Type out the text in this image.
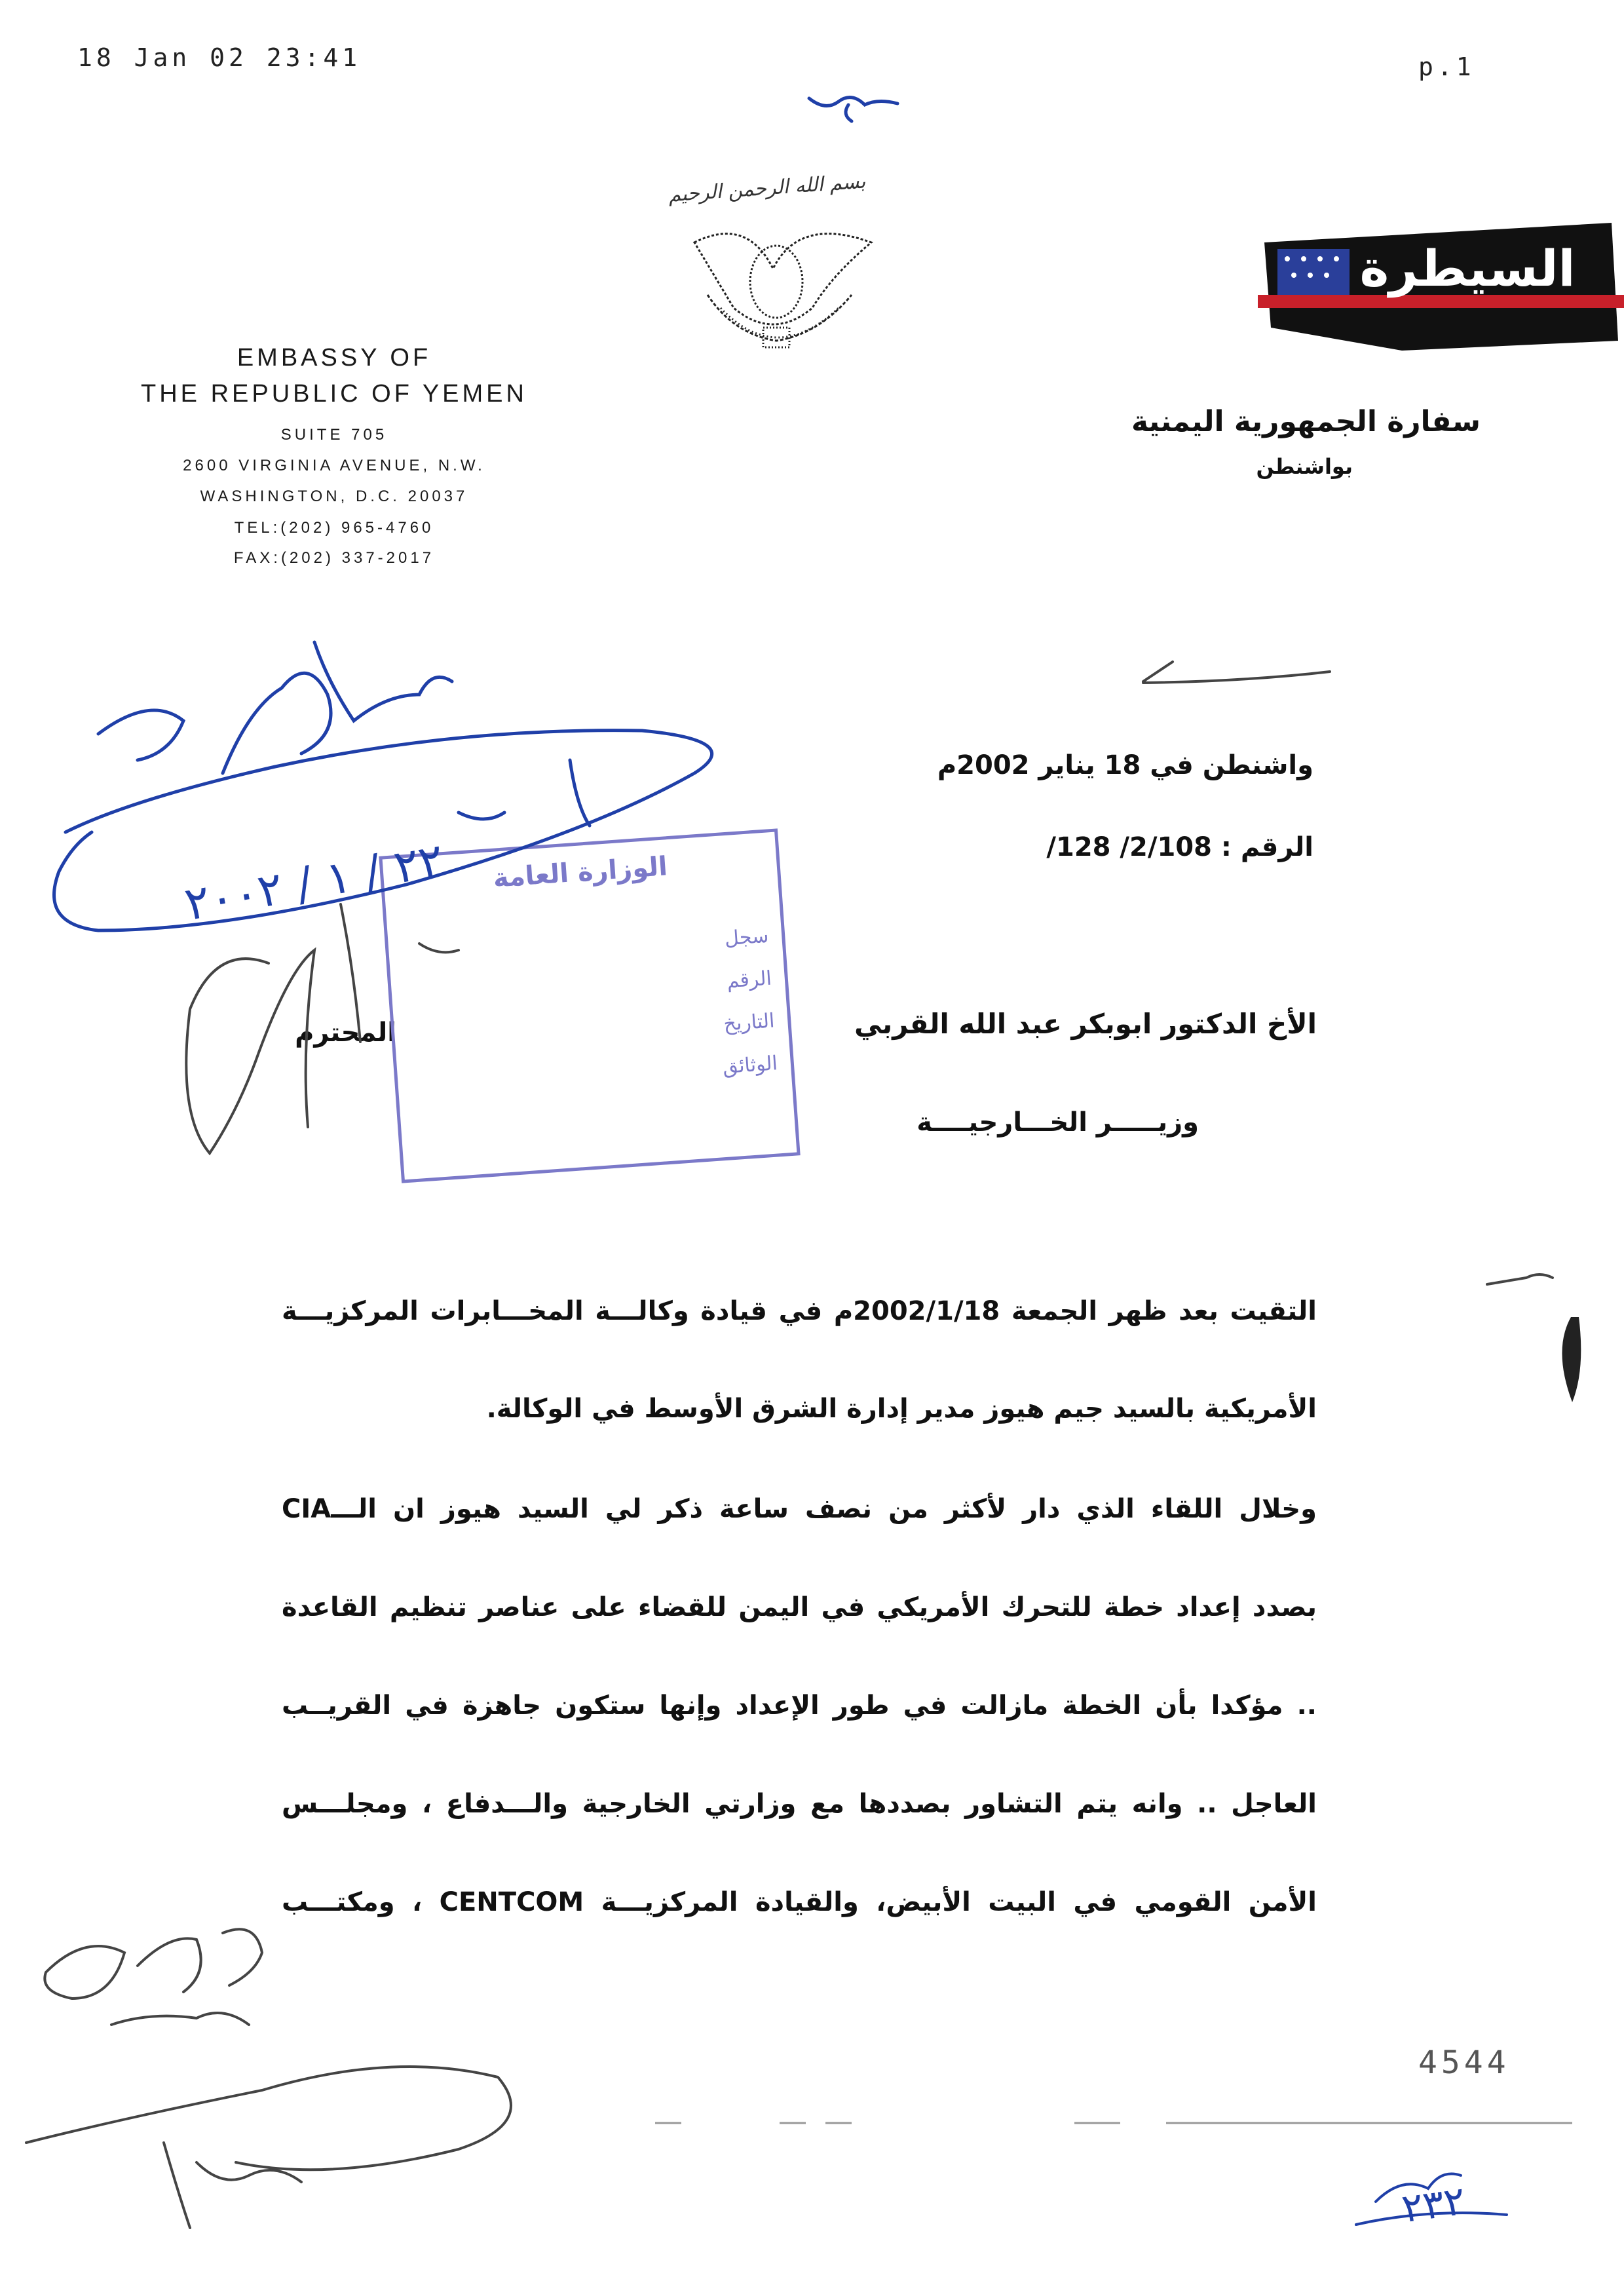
18 Jan 02 23:41	p.1
بسم الله الرحمن الرحيم
السيطرة
EMBASSY OF
THE REPUBLIC OF YEMEN
SUITE 705
2600 VIRGINIA AVENUE, N.W.
WASHINGTON, D.C. 20037
TEL:(202) 965-4760
FAX:(202) 337-2017
سفارة الجمهورية اليمنية
بواشنطن
واشنطن في 18 يناير 2002م
الرقم : 2/108/ 128/
الأخ الدكتور ابوبكر عبد الله القربي
المحترم
وزيـــــر الخـــارجيــــة
التقيت بعد ظهر الجمعة 2002/1/18م في قيادة وكالـــة المخـــابرات المركزيـــة
الأمريكية بالسيد جيم هيوز مدير إدارة الشرق الأوسط في الوكالة.
وخلال اللقاء الذي دار لأكثر من نصف ساعة ذكر لي السيد هيوز ان الـــCIA
بصدد إعداد خطة للتحرك الأمريكي في اليمن للقضاء على عناصر تنظيم القاعدة
.. مؤكدا بأن الخطة مازالت في طور الإعداد وإنها ستكون جاهزة في القريــب
العاجل .. وانه يتم التشاور بصددها مع وزارتي الخارجية والـــدفاع ، ومجلـــس
الأمن القومي في البيت الأبيض، والقيادة المركزيـــة CENTCOM ، ومكتـــب
الوزارة العامة
سجل
الرقم
التاريخ
الوثائق
٢٢ / ١ / ٢٠٠٢
٢٣٢
4544
